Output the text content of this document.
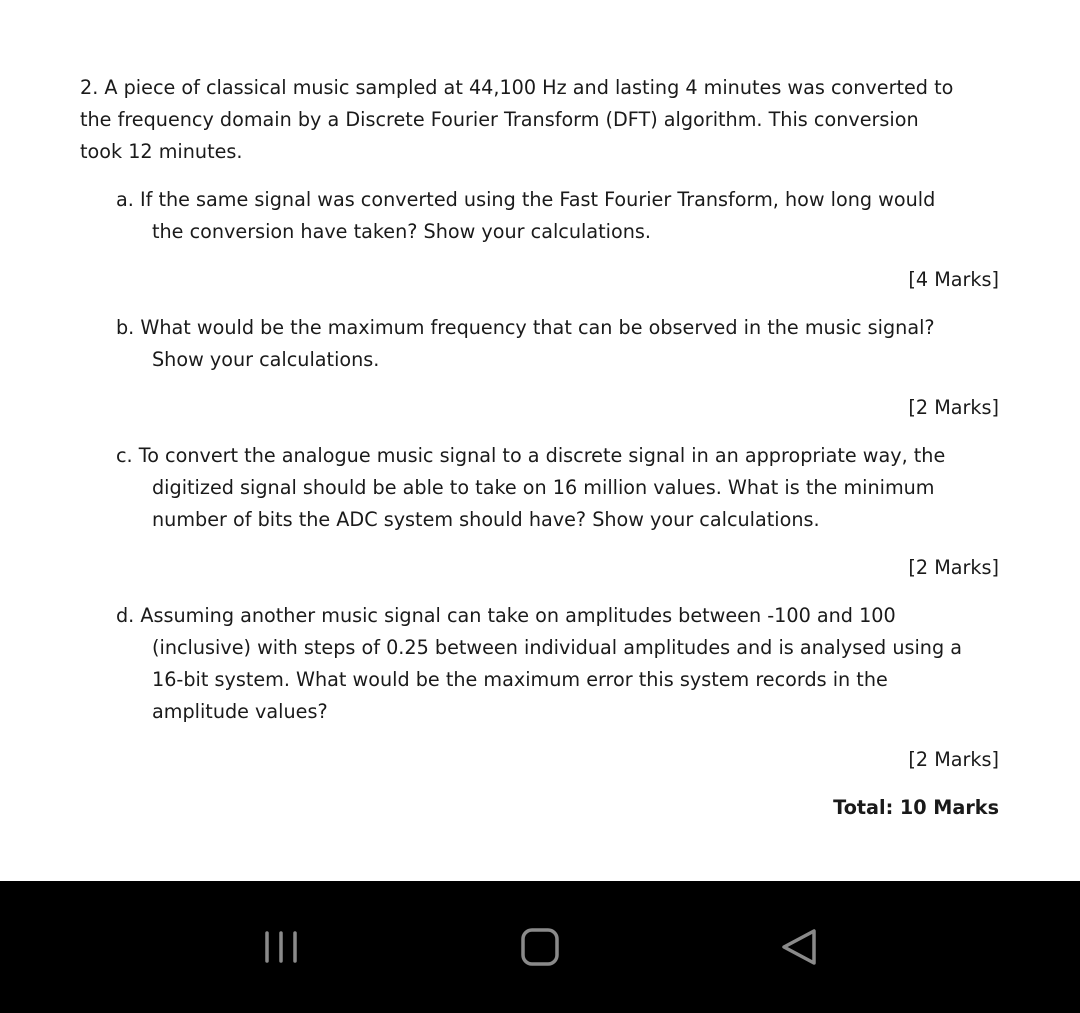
2. A piece of classical music sampled at 44,100 Hz and lasting 4 minutes was converted to
the frequency domain by a Discrete Fourier Transform (DFT) algorithm. This conversion
took 12 minutes.
a. If the same signal was converted using the Fast Fourier Transform, how long would
the conversion have taken? Show your calculations.
[4 Marks]
b. What would be the maximum frequency that can be observed in the music signal?
Show your calculations.
[2 Marks]
c. To convert the analogue music signal to a discrete signal in an appropriate way, the
digitized signal should be able to take on 16 million values. What is the minimum
number of bits the ADC system should have? Show your calculations.
[2 Marks]
d. Assuming another music signal can take on amplitudes between -100 and 100
(inclusive) with steps of 0.25 between individual amplitudes and is analysed using a
16-bit system. What would be the maximum error this system records in the
amplitude values?
[2 Marks]
Total: 10 Marks
